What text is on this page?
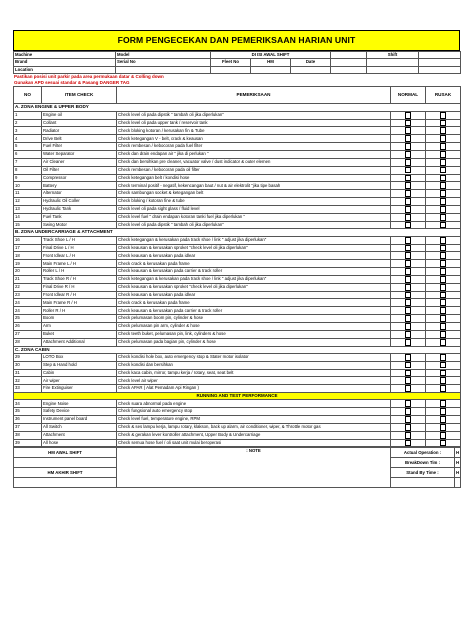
FORM PENGECEKAN DAN PEMERIKSAAN HARIAN UNIT
Machine	Model	DI ISI AWAL SHIFT				Shift	
Brand	Serial No	Fleet No	HM	Date			
Location							
Pastikan posisi unit parkir pada area permukaan datar & Colling down
Gunakan APD sesuai standar & Pasang DANGER TAG
NO	ITEM CHECK	PEMERIKSAAN	NORMAL	RUSAK
A. ZONA ENGINE & UPPER BODY				
1	Engine oil	Check level oli pada dipstik " tambah oli jika diperlukan"		
2	Collant	Check level oli pada upper tank / reservoir tank		
3	Radiator	Check bloking kotoran / kerusakan fin & Tube		
4	Drive Belt	Check ketegangan V - belt, crack & keausan		
5	Fuel Filter	Check rembesan / kebocoran pada fuel filter		
6	Water Separator	Check dan drain endapan air " jika di perlukan "		
7	Air Cleaner	Check dan bersihkan pre cleaner, vacuator valve / dust indicator & outer elemen		
8	Oil Filter	Check rembesan / kebocoran pada oil filter		
9	Compressor	Check ketegangan belt / kondisi hose		
10	Battery	Check terminal positif - negatif, kekencangan baut / nut & air elektrolit "jika tipe basah		
11	Alternator	Check sambungan socket & ketegangan belt		
12	Hydraulic Oil Coller	Check bloking / kotoran fine & tube		
13	Hydraulic Tank	Check level oli pada sight glass / fluid level		
14	Fuel Tank	Check level fuel " drain endapan kotoran tanki fuel jika diperlukan "		
15	Swing Motor	Check level oli pada dipstik " tambah oli jika diperlukan"		
B. ZONA UNDERCARRIAGE & ATTACHMENT				
16	Track Shoe L / H	Check ketegangan & kerusakan pada track shoe / link " adjust jika diperlukan"		
17	Final Drive L / H	Check keausan & kerusakan sproket "check level oli jika diperlukan"		
18	Front Idlear L / H	Check keausan & kerusakan pada idlear		
19	Main Frame L / H	Check crack & kerusakan pada frame		
20	Roller L / H	Check keausan & kerusakan pada carrier & track roller		
21	Track Shoe R / H	Check ketegangan & kerusakan pada track shoe / link " adjust jika diperlukan"		
22	Final Drive R / H	Check keausan & kerusakan sproket "check level oli jika diperlukan"		
23	Front Idlear R / H	Check keausan & kerusakan pada idlear		
24	Main Frame R / H	Check crack & kerusakan pada frame		
24	Roller R / H	Check keausan & kerusakan pada carrier & track roller		
25	Boom	Check pelumasan boom pin, cylinder & hose		
26	Arm	Check pelumasan pin arm, cylinder & hose		
27	Buket	Check teeth buket, pelumasan pin, link, cylinders & hose		
28	Attachment Additional	Check pelumasan pada bagian pin, cylinder & hose		
C. ZONA CABIN				
29	LOTO Box	Check kondisi hole box, auto emergency stop & Stater motor isolator		
30	Step & Hand hold	Check kondisi dan bersihkan		
31	Cabin	Check kaca cabin, mirror, tampu kerja / rotary, seat, seat belt		
32	Air wiper	Check level air wiper		
33	Fire Extinguiser	Check APAR ( Alat Pemadam Api Ringan )		
RUNNING AND TEST PERFORMANCE				
34	Engine Noise	Check suara abnormal pada engine		
35	Safety Device	Check fungsional auto emergency stop		
36	Instrument panel board	Check level fuel, temperature engine, RPM		
37	All Switch	Check & ses lampu kerja, lampu rotary, klakson, back up alarm, air conditioner, wiper, & Throttle motor gas		
38	Attachment	Check & gerakan lever kontroller attachment, Upper Body & Undercarriage		
39	All hose	Check semua hose fuel / oli saat unit mulai beroperasi		
HM AWAL SHIFT	: NOTE	Actual Operation :	H
		BreakDown Tim :	H
HM AKHIR SHIFT		Stand By Time :	H
